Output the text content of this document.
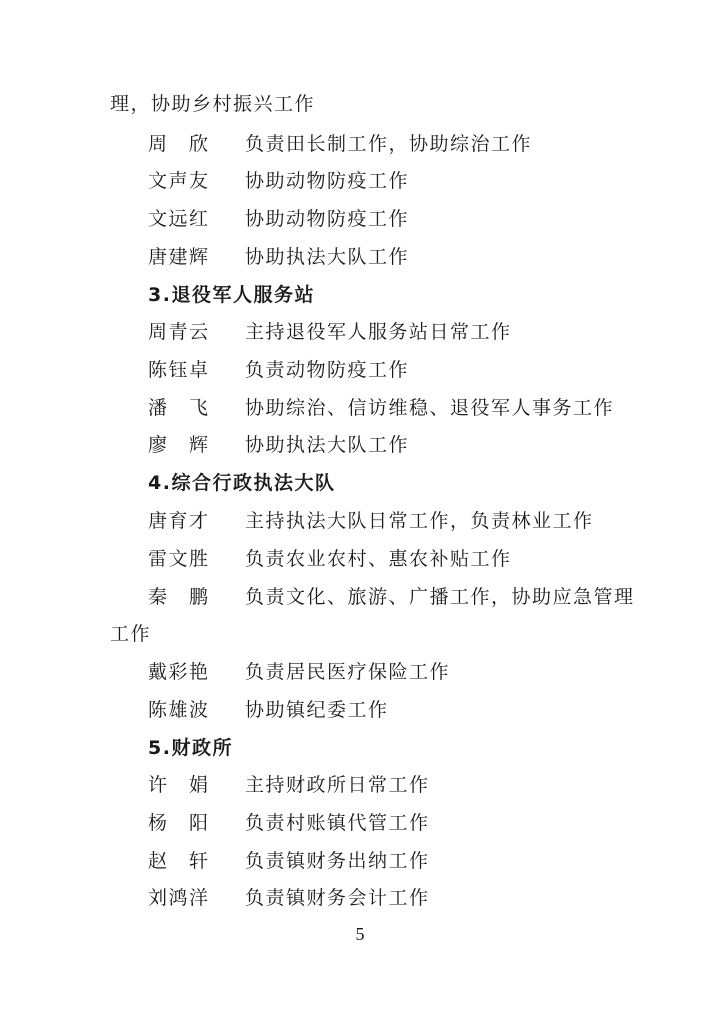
理，协助乡村振兴工作
周　欣	负责田长制工作，协助综治工作
文声友	协助动物防疫工作
文远红	协助动物防疫工作
唐建辉	协助执法大队工作
3.退役军人服务站
周青云	主持退役军人服务站日常工作
陈钰卓	负责动物防疫工作
潘　飞	协助综治、信访维稳、退役军人事务工作
廖　辉	协助执法大队工作
4.综合行政执法大队
唐育才	主持执法大队日常工作，负责林业工作
雷文胜	负责农业农村、惠农补贴工作
秦　鹏	负责文化、旅游、广播工作，协助应急管理
工作
戴彩艳	负责居民医疗保险工作
陈雄波	协助镇纪委工作
5.财政所
许　娟	主持财政所日常工作
杨　阳	负责村账镇代管工作
赵　轩	负责镇财务出纳工作
刘鸿洋	负责镇财务会计工作
5
